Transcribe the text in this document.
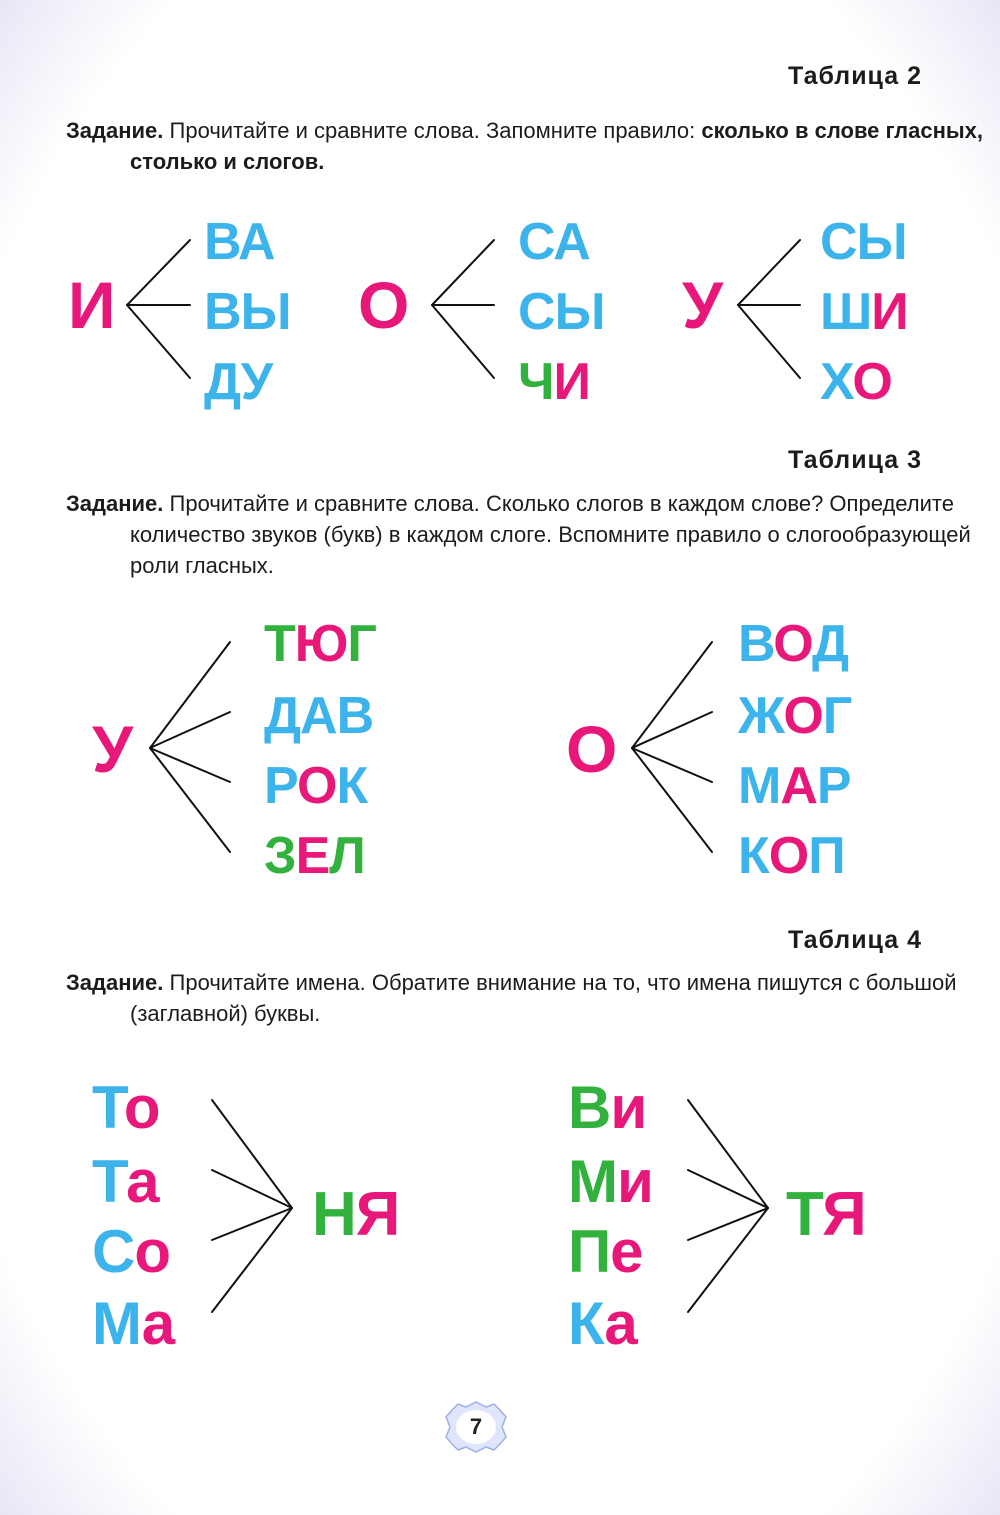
Таблица 2
Задание. Прочитайте и сравните слова. Запомните правило: сколько в слове гласных, столько и слогов.
И	О	У
ВА
ВЫ
ДУ
СА
СЫ
ЧИ
СЫ
ШИ
ХО
Таблица 3
Задание. Прочитайте и сравните слова. Сколько слогов в каждом слове? Определите количество звуков (букв) в каждом слоге. Вспомните правило о слогообразующей роли гласных.
У	О
ТЮГ
ДАВ
РОК
ЗЕЛ
ВОД
ЖОГ
МАР
КОП
Таблица 4
Задание. Прочитайте имена. Обратите внимание на то, что имена пишутся с большой (заглавной) буквы.
То
Та
Со
Ма
НЯ
Ви
Ми
Пе
Ка
ТЯ
7
